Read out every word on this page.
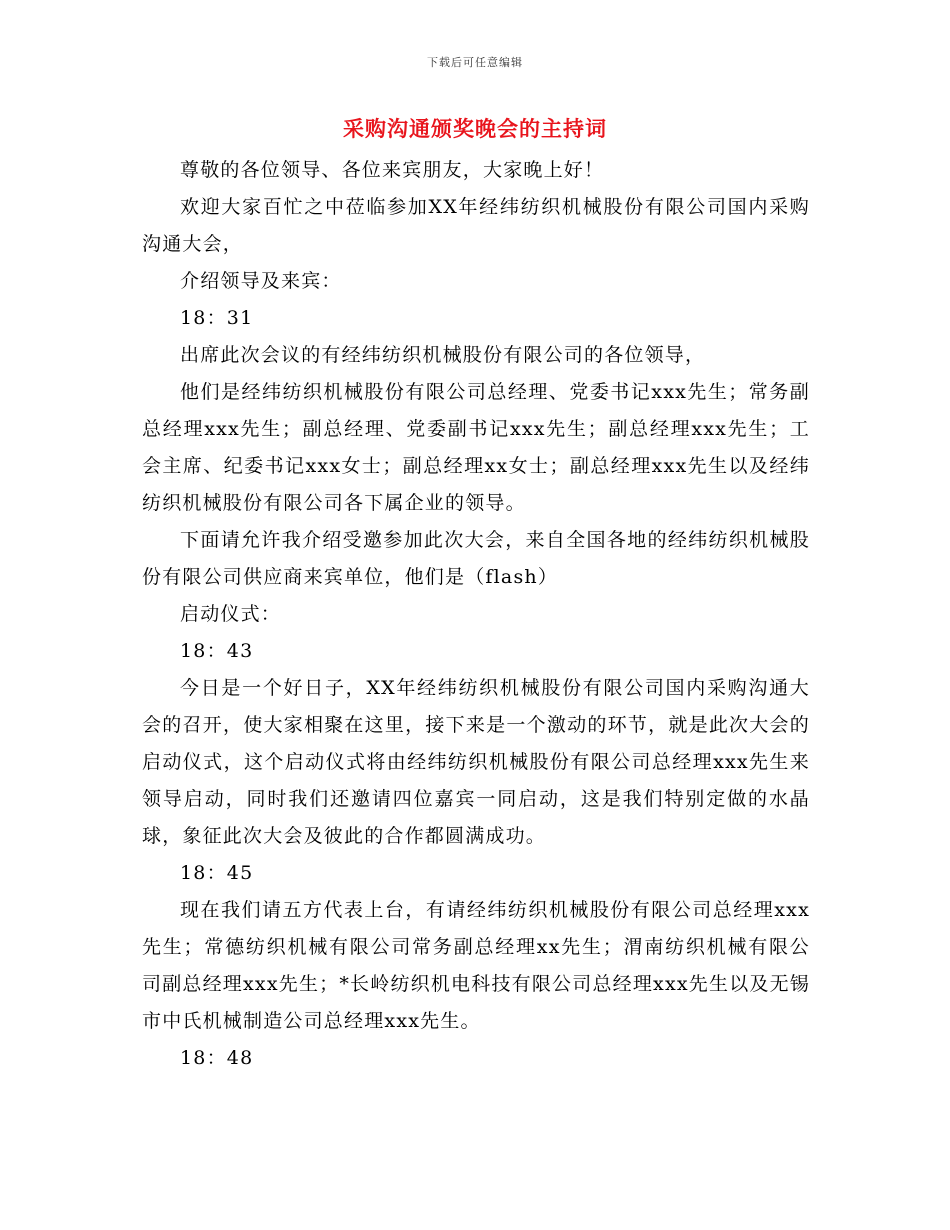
下载后可任意编辑
采购沟通颁奖晚会的主持词

尊敬的各位领导、各位来宾朋友，大家晚上好！

欢迎大家百忙之中莅临参加XX年经纬纺织机械股份有限公司国内采购沟通大会，

介绍领导及来宾：

18：31

出席此次会议的有经纬纺织机械股份有限公司的各位领导，

他们是经纬纺织机械股份有限公司总经理、党委书记xxx先生；常务副总经理xxx先生；副总经理、党委副书记xxx先生；副总经理xxx先生；工会主席、纪委书记xxx女士；副总经理xx女士；副总经理xxx先生以及经纬纺织机械股份有限公司各下属企业的领导。

下面请允许我介绍受邀参加此次大会，来自全国各地的经纬纺织机械股份有限公司供应商来宾单位，他们是（flash）

启动仪式：

18：43

今日是一个好日子，XX年经纬纺织机械股份有限公司国内采购沟通大会的召开，使大家相聚在这里，接下来是一个激动的环节，就是此次大会的启动仪式，这个启动仪式将由经纬纺织机械股份有限公司总经理xxx先生来领导启动，同时我们还邀请四位嘉宾一同启动，这是我们特别定做的水晶球，象征此次大会及彼此的合作都圆满成功。

18：45

现在我们请五方代表上台，有请经纬纺织机械股份有限公司总经理xxx先生；常德纺织机械有限公司常务副总经理xx先生；渭南纺织机械有限公司副总经理xxx先生；*长岭纺织机电科技有限公司总经理xxx先生以及无锡市中氏机械制造公司总经理xxx先生。

18：48
